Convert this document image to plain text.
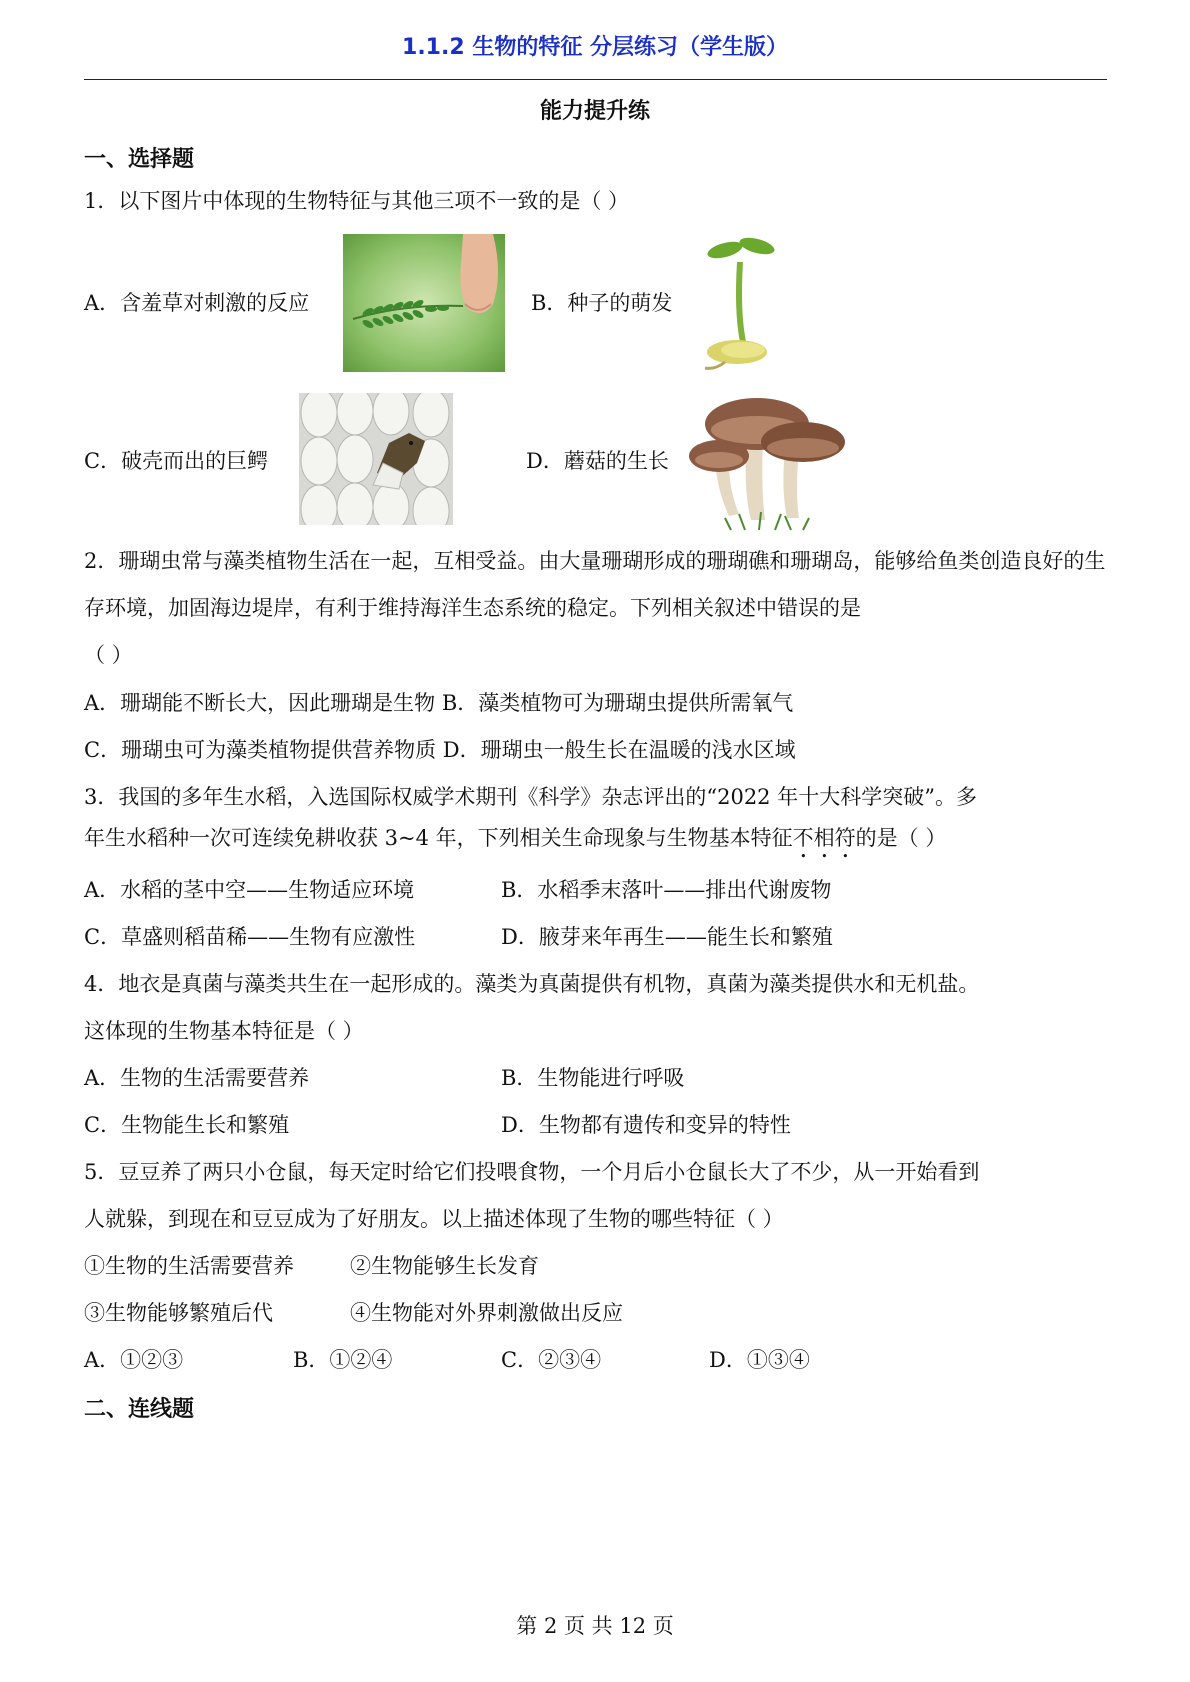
1.1.2 生物的特征 分层练习（学生版）
能力提升练
一、选择题
1．以下图片中体现的生物特征与其他三项不一致的是（ ）
A．含羞草对刺激的反应	B．种子的萌发
C．破壳而出的巨鳄	D．蘑菇的生长
2．珊瑚虫常与藻类植物生活在一起，互相受益。由大量珊瑚形成的珊瑚礁和珊瑚岛，能够给鱼类创造良好的生存环境，加固海边堤岸，有利于维持海洋生态系统的稳定。下列相关叙述中错误的是
（ ）
A．珊瑚能不断长大，因此珊瑚是生物 B．藻类植物可为珊瑚虫提供所需氧气
C．珊瑚虫可为藻类植物提供营养物质 D．珊瑚虫一般生长在温暖的浅水区域
3．我国的多年生水稻，入选国际权威学术期刊《科学》杂志评出的“2022 年十大科学突破”。多
年生水稻种一次可连续免耕收获 3~4 年，下列相关生命现象与生物基本特征不相符的是（ ）
A．水稻的茎中空——生物适应环境	B．水稻季末落叶——排出代谢废物
C．草盛则稻苗稀——生物有应激性	D．腋芽来年再生——能生长和繁殖
4．地衣是真菌与藻类共生在一起形成的。藻类为真菌提供有机物，真菌为藻类提供水和无机盐。
这体现的生物基本特征是（ ）
A．生物的生活需要营养	B．生物能进行呼吸
C．生物能生长和繁殖	D．生物都有遗传和变异的特性
5．豆豆养了两只小仓鼠，每天定时给它们投喂食物，一个月后小仓鼠长大了不少，从一开始看到
人就躲，到现在和豆豆成为了好朋友。以上描述体现了生物的哪些特征（ ）
①生物的生活需要营养	②生物能够生长发育
③生物能够繁殖后代	④生物能对外界刺激做出反应
A．①②③	B．①②④	C．②③④	D．①③④
二、连线题
第 2 页 共 12 页
